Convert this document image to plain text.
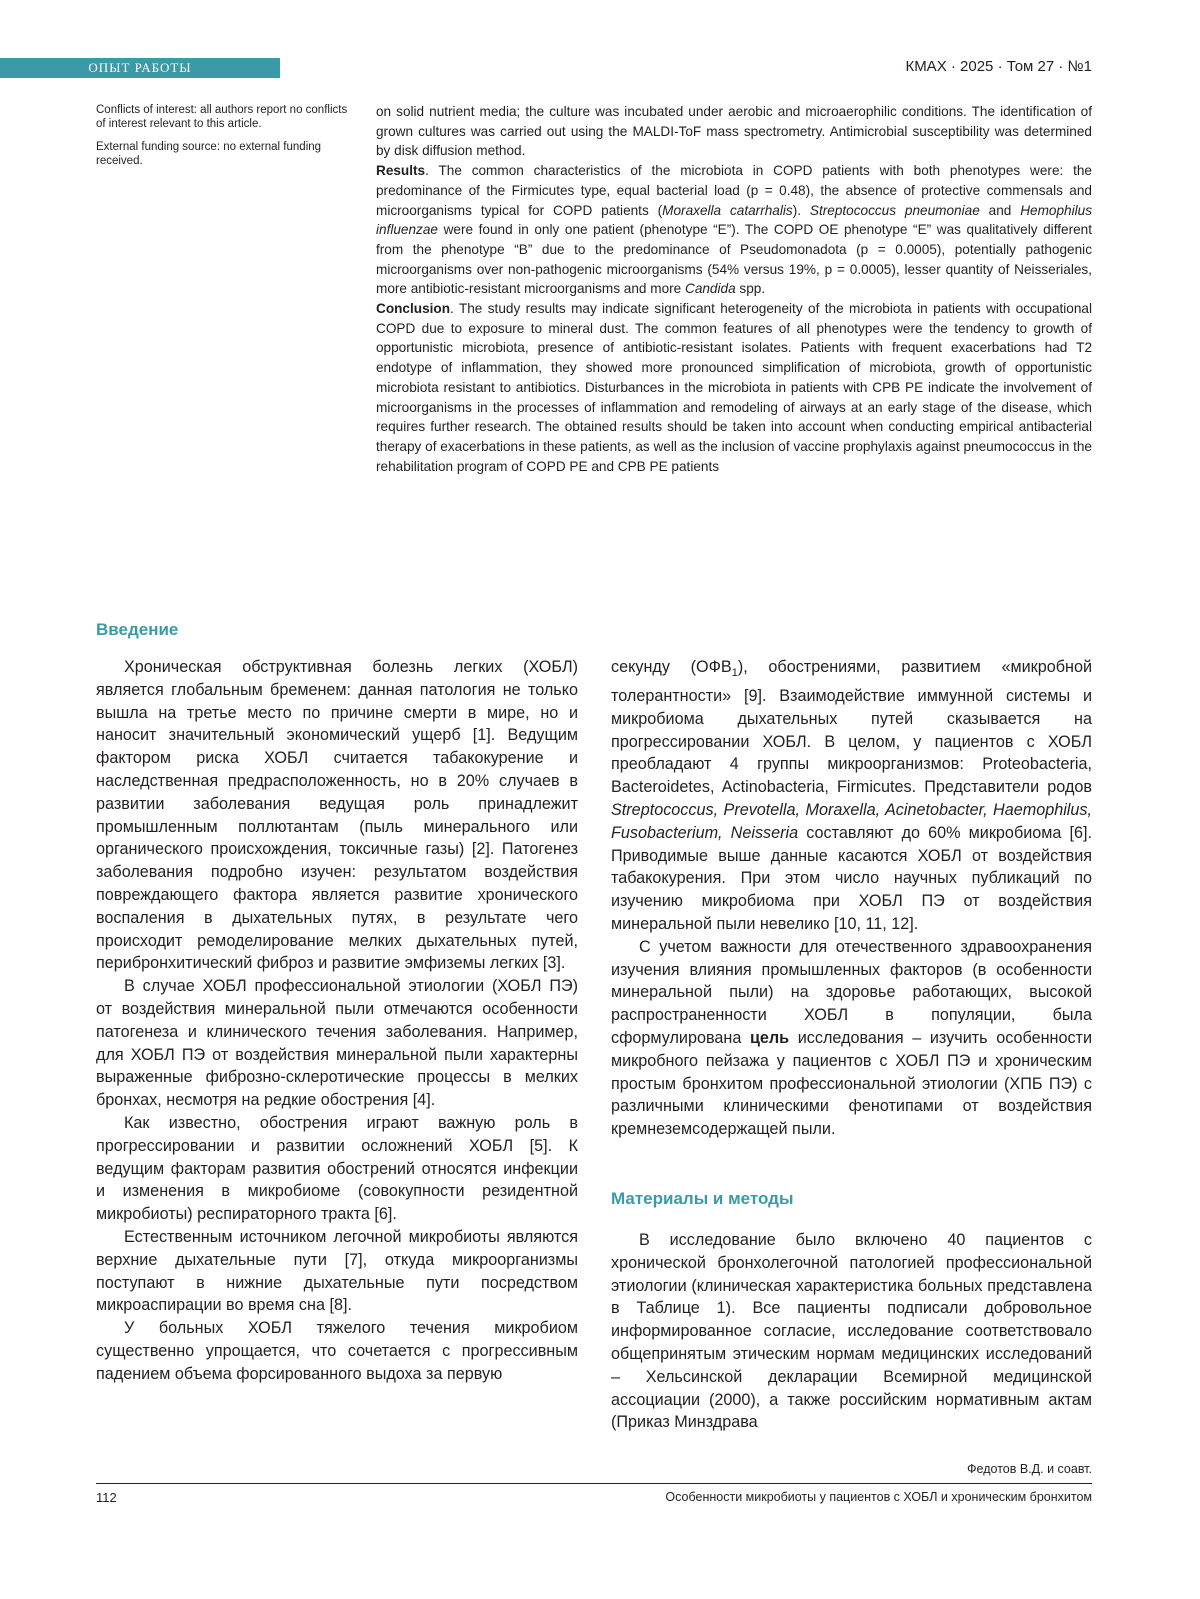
ОПЫТ РАБОТЫ	КМАХ · 2025 · Том 27 · №1

Conflicts of interest: all authors report no conflicts of interest relevant to this article.

External funding source: no external funding received.

on solid nutrient media; the culture was incubated under aerobic and microaerophilic conditions. The identification of grown cultures was carried out using the MALDI-ToF mass spectrometry. Antimicrobial susceptibility was determined by disk diffusion method.

Results. The common characteristics of the microbiota in COPD patients with both phenotypes were: the predominance of the Firmicutes type, equal bacterial load (p = 0.48), the absence of protective commensals and microorganisms typical for COPD patients (Moraxella catarrhalis). Streptococcus pneumoniae and Hemophilus influenzae were found in only one patient (phenotype “E”). The COPD OE phenotype “E” was qualitatively different from the phenotype “B” due to the predominance of Pseudomonadota (p = 0.0005), potentially pathogenic microorganisms over non-pathogenic microorganisms (54% versus 19%, p = 0.0005), lesser quantity of Neisseriales, more antibiotic-resistant microorganisms and more Candida spp.

Conclusion. The study results may indicate significant heterogeneity of the microbiota in patients with occupational COPD due to exposure to mineral dust. The common features of all phenotypes were the tendency to growth of opportunistic microbiota, presence of antibiotic-resistant isolates. Patients with frequent exacerbations had T2 endotype of inflammation, they showed more pronounced simplification of microbiota, growth of opportunistic microbiota resistant to antibiotics. Disturbances in the microbiota in patients with CPB PE indicate the involvement of microorganisms in the processes of inflammation and remodeling of airways at an early stage of the disease, which requires further research. The obtained results should be taken into account when conducting empirical antibacterial therapy of exacerbations in these patients, as well as the inclusion of vaccine prophylaxis against pneumococcus in the rehabilitation program of COPD PE and CPB PE patients

Введение

Хроническая обструктивная болезнь легких (ХОБЛ) является глобальным бременем: данная патология не только вышла на третье место по причине смерти в мире, но и наносит значительный экономический ущерб [1]. Ведущим фактором риска ХОБЛ считается табакокурение и наследственная предрасположенность, но в 20% случаев в развитии заболевания ведущая роль принадлежит промышленным поллютантам (пыль минерального или органического происхождения, токсичные газы) [2]. Патогенез заболевания подробно изучен: результатом воздействия повреждающего фактора является развитие хронического воспаления в дыхательных путях, в результате чего происходит ремоделирование мелких дыхательных путей, перибронхитический фиброз и развитие эмфиземы легких [3].

В случае ХОБЛ профессиональной этиологии (ХОБЛ ПЭ) от воздействия минеральной пыли отмечаются особенности патогенеза и клинического течения заболевания. Например, для ХОБЛ ПЭ от воздействия минеральной пыли характерны выраженные фиброзно-склеротические процессы в мелких бронхах, несмотря на редкие обострения [4].

Как известно, обострения играют важную роль в прогрессировании и развитии осложнений ХОБЛ [5]. К ведущим факторам развития обострений относятся инфекции и изменения в микробиоме (совокупности резидентной микробиоты) респираторного тракта [6].

Естественным источником легочной микробиоты являются верхние дыхательные пути [7], откуда микроорганизмы поступают в нижние дыхательные пути посредством микроаспирации во время сна [8].

У больных ХОБЛ тяжелого течения микробиом существенно упрощается, что сочетается с прогрессивным падением объема форсированного выдоха за первую

секунду $(ОФВ_1)$, обострениями, развитием «микробной толерантности» [9]. Взаимодействие иммунной системы и микробиома дыхательных путей сказывается на прогрессировании ХОБЛ. В целом, у пациентов с ХОБЛ преобладают 4 группы микроорганизмов: Proteobacteria, Bacteroidetes, Actinobacteria, Firmicutes. Представители родов Streptococcus, Prevotella, Moraxella, Acinetobacter, Haemophilus, Fusobacterium, Neisseria составляют до 60% микробиома [6]. Приводимые выше данные касаются ХОБЛ от воздействия табакокурения. При этом число научных публикаций по изучению микробиома при ХОБЛ ПЭ от воздействия минеральной пыли невелико [10, 11, 12].

С учетом важности для отечественного здравоохранения изучения влияния промышленных факторов (в особенности минеральной пыли) на здоровье работающих, высокой распространенности ХОБЛ в популяции, была сформулирована цель исследования – изучить особенности микробного пейзажа у пациентов с ХОБЛ ПЭ и хроническим простым бронхитом профессиональной этиологии (ХПБ ПЭ) с различными клиническими фенотипами от воздействия кремнеземсодержащей пыли.

Материалы и методы

В исследование было включено 40 пациентов с хронической бронхолегочной патологией профессиональной этиологии (клиническая характеристика больных представлена в Таблице 1). Все пациенты подписали добровольное информированное согласие, исследование соответствовало общепринятым этическим нормам медицинских исследований – Хельсинской декларации Всемирной медицинской ассоциации (2000), а также российским нормативным актам (Приказ Минздрава

Федотов В.Д. и соавт.
112	Особенности микробиоты у пациентов с ХОБЛ и хроническим бронхитом
